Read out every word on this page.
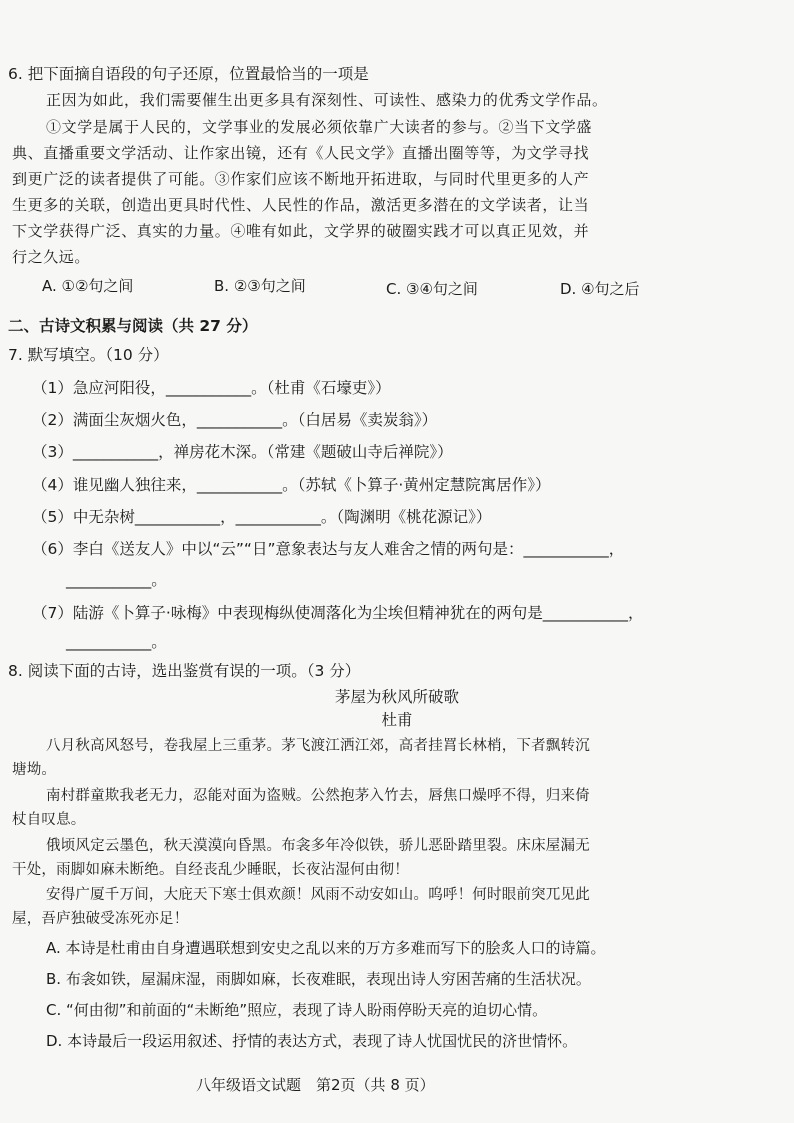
6. 把下面摘自语段的句子还原，位置最恰当的一项是
正因为如此，我们需要催生出更多具有深刻性、可读性、感染力的优秀文学作品。
①文学是属于人民的，文学事业的发展必须依靠广大读者的参与。②当下文学盛
典、直播重要文学活动、让作家出镜，还有《人民文学》直播出圈等等，为文学寻找
到更广泛的读者提供了可能。③作家们应该不断地开拓进取，与同时代里更多的人产
生更多的关联，创造出更具时代性、人民性的作品，激活更多潜在的文学读者，让当
下文学获得广泛、真实的力量。④唯有如此，文学界的破圈实践才可以真正见效，并
行之久远。
A. ①②句之间	B. ②③句之间	C. ③④句之间	D. ④句之后
二、古诗文积累与阅读（共 27 分）
7. 默写填空。（10 分）
（1）急应河阳役，___________。（杜甫《石壕吏》）
（2）满面尘灰烟火色，___________。（白居易《卖炭翁》）
（3）___________，禅房花木深。（常建《题破山寺后禅院》）
（4）谁见幽人独往来，___________。（苏轼《卜算子·黄州定慧院寓居作》）
（5）中无杂树___________，___________。（陶渊明《桃花源记》）
（6）李白《送友人》中以“云”“日”意象表达与友人难舍之情的两句是：___________，
___________。
（7）陆游《卜算子·咏梅》中表现梅纵使凋落化为尘埃但精神犹在的两句是___________，
___________。
8. 阅读下面的古诗，选出鉴赏有误的一项。（3 分）
茅屋为秋风所破歌
杜甫
八月秋高风怒号，卷我屋上三重茅。茅飞渡江洒江郊，高者挂罥长林梢，下者飘转沉
塘坳。
南村群童欺我老无力，忍能对面为盗贼。公然抱茅入竹去，唇焦口燥呼不得，归来倚
杖自叹息。
俄顷风定云墨色，秋天漠漠向昏黑。布衾多年冷似铁，骄儿恶卧踏里裂。床床屋漏无
干处，雨脚如麻未断绝。自经丧乱少睡眠，长夜沾湿何由彻！
安得广厦千万间，大庇天下寒士俱欢颜！风雨不动安如山。呜呼！何时眼前突兀见此
屋，吾庐独破受冻死亦足！
A. 本诗是杜甫由自身遭遇联想到安史之乱以来的万方多难而写下的脍炙人口的诗篇。
B. 布衾如铁，屋漏床湿，雨脚如麻，长夜难眠，表现出诗人穷困苦痛的生活状况。
C. “何由彻”和前面的“未断绝”照应，表现了诗人盼雨停盼天亮的迫切心情。
D. 本诗最后一段运用叙述、抒情的表达方式，表现了诗人忧国忧民的济世情怀。
八年级语文试题　第2页（共 8 页）
